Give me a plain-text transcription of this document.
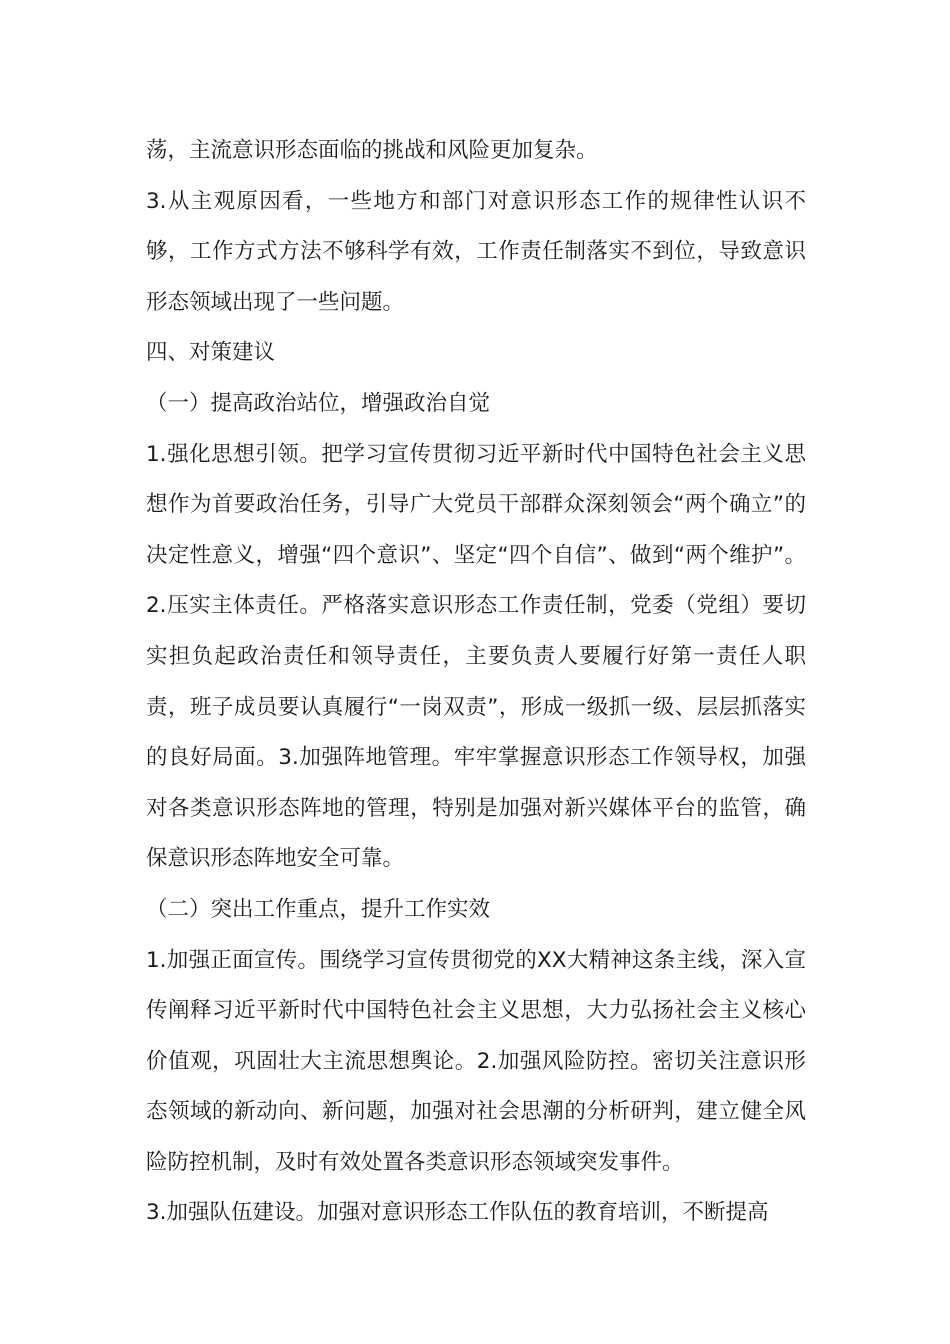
荡，主流意识形态面临的挑战和风险更加复杂。

3.从主观原因看，一些地方和部门对意识形态工作的规律性认识不够，工作方式方法不够科学有效，工作责任制落实不到位，导致意识形态领域出现了一些问题。

四、对策建议

（一）提高政治站位，增强政治自觉

1.强化思想引领。把学习宣传贯彻习近平新时代中国特色社会主义思想作为首要政治任务，引导广大党员干部群众深刻领会“两个确立”的决定性意义，增强“四个意识”、坚定“四个自信”、做到“两个维护”。2.压实主体责任。严格落实意识形态工作责任制，党委（党组）要切实担负起政治责任和领导责任，主要负责人要履行好第一责任人职责，班子成员要认真履行“一岗双责”，形成一级抓一级、层层抓落实的良好局面。3.加强阵地管理。牢牢掌握意识形态工作领导权，加强对各类意识形态阵地的管理，特别是加强对新兴媒体平台的监管，确保意识形态阵地安全可靠。

（二）突出工作重点，提升工作实效

1.加强正面宣传。围绕学习宣传贯彻党的XX大精神这条主线，深入宣传阐释习近平新时代中国特色社会主义思想，大力弘扬社会主义核心价值观，巩固壮大主流思想舆论。2.加强风险防控。密切关注意识形态领域的新动向、新问题，加强对社会思潮的分析研判，建立健全风险防控机制，及时有效处置各类意识形态领域突发事件。

3.加强队伍建设。加强对意识形态工作队伍的教育培训，不断提高
